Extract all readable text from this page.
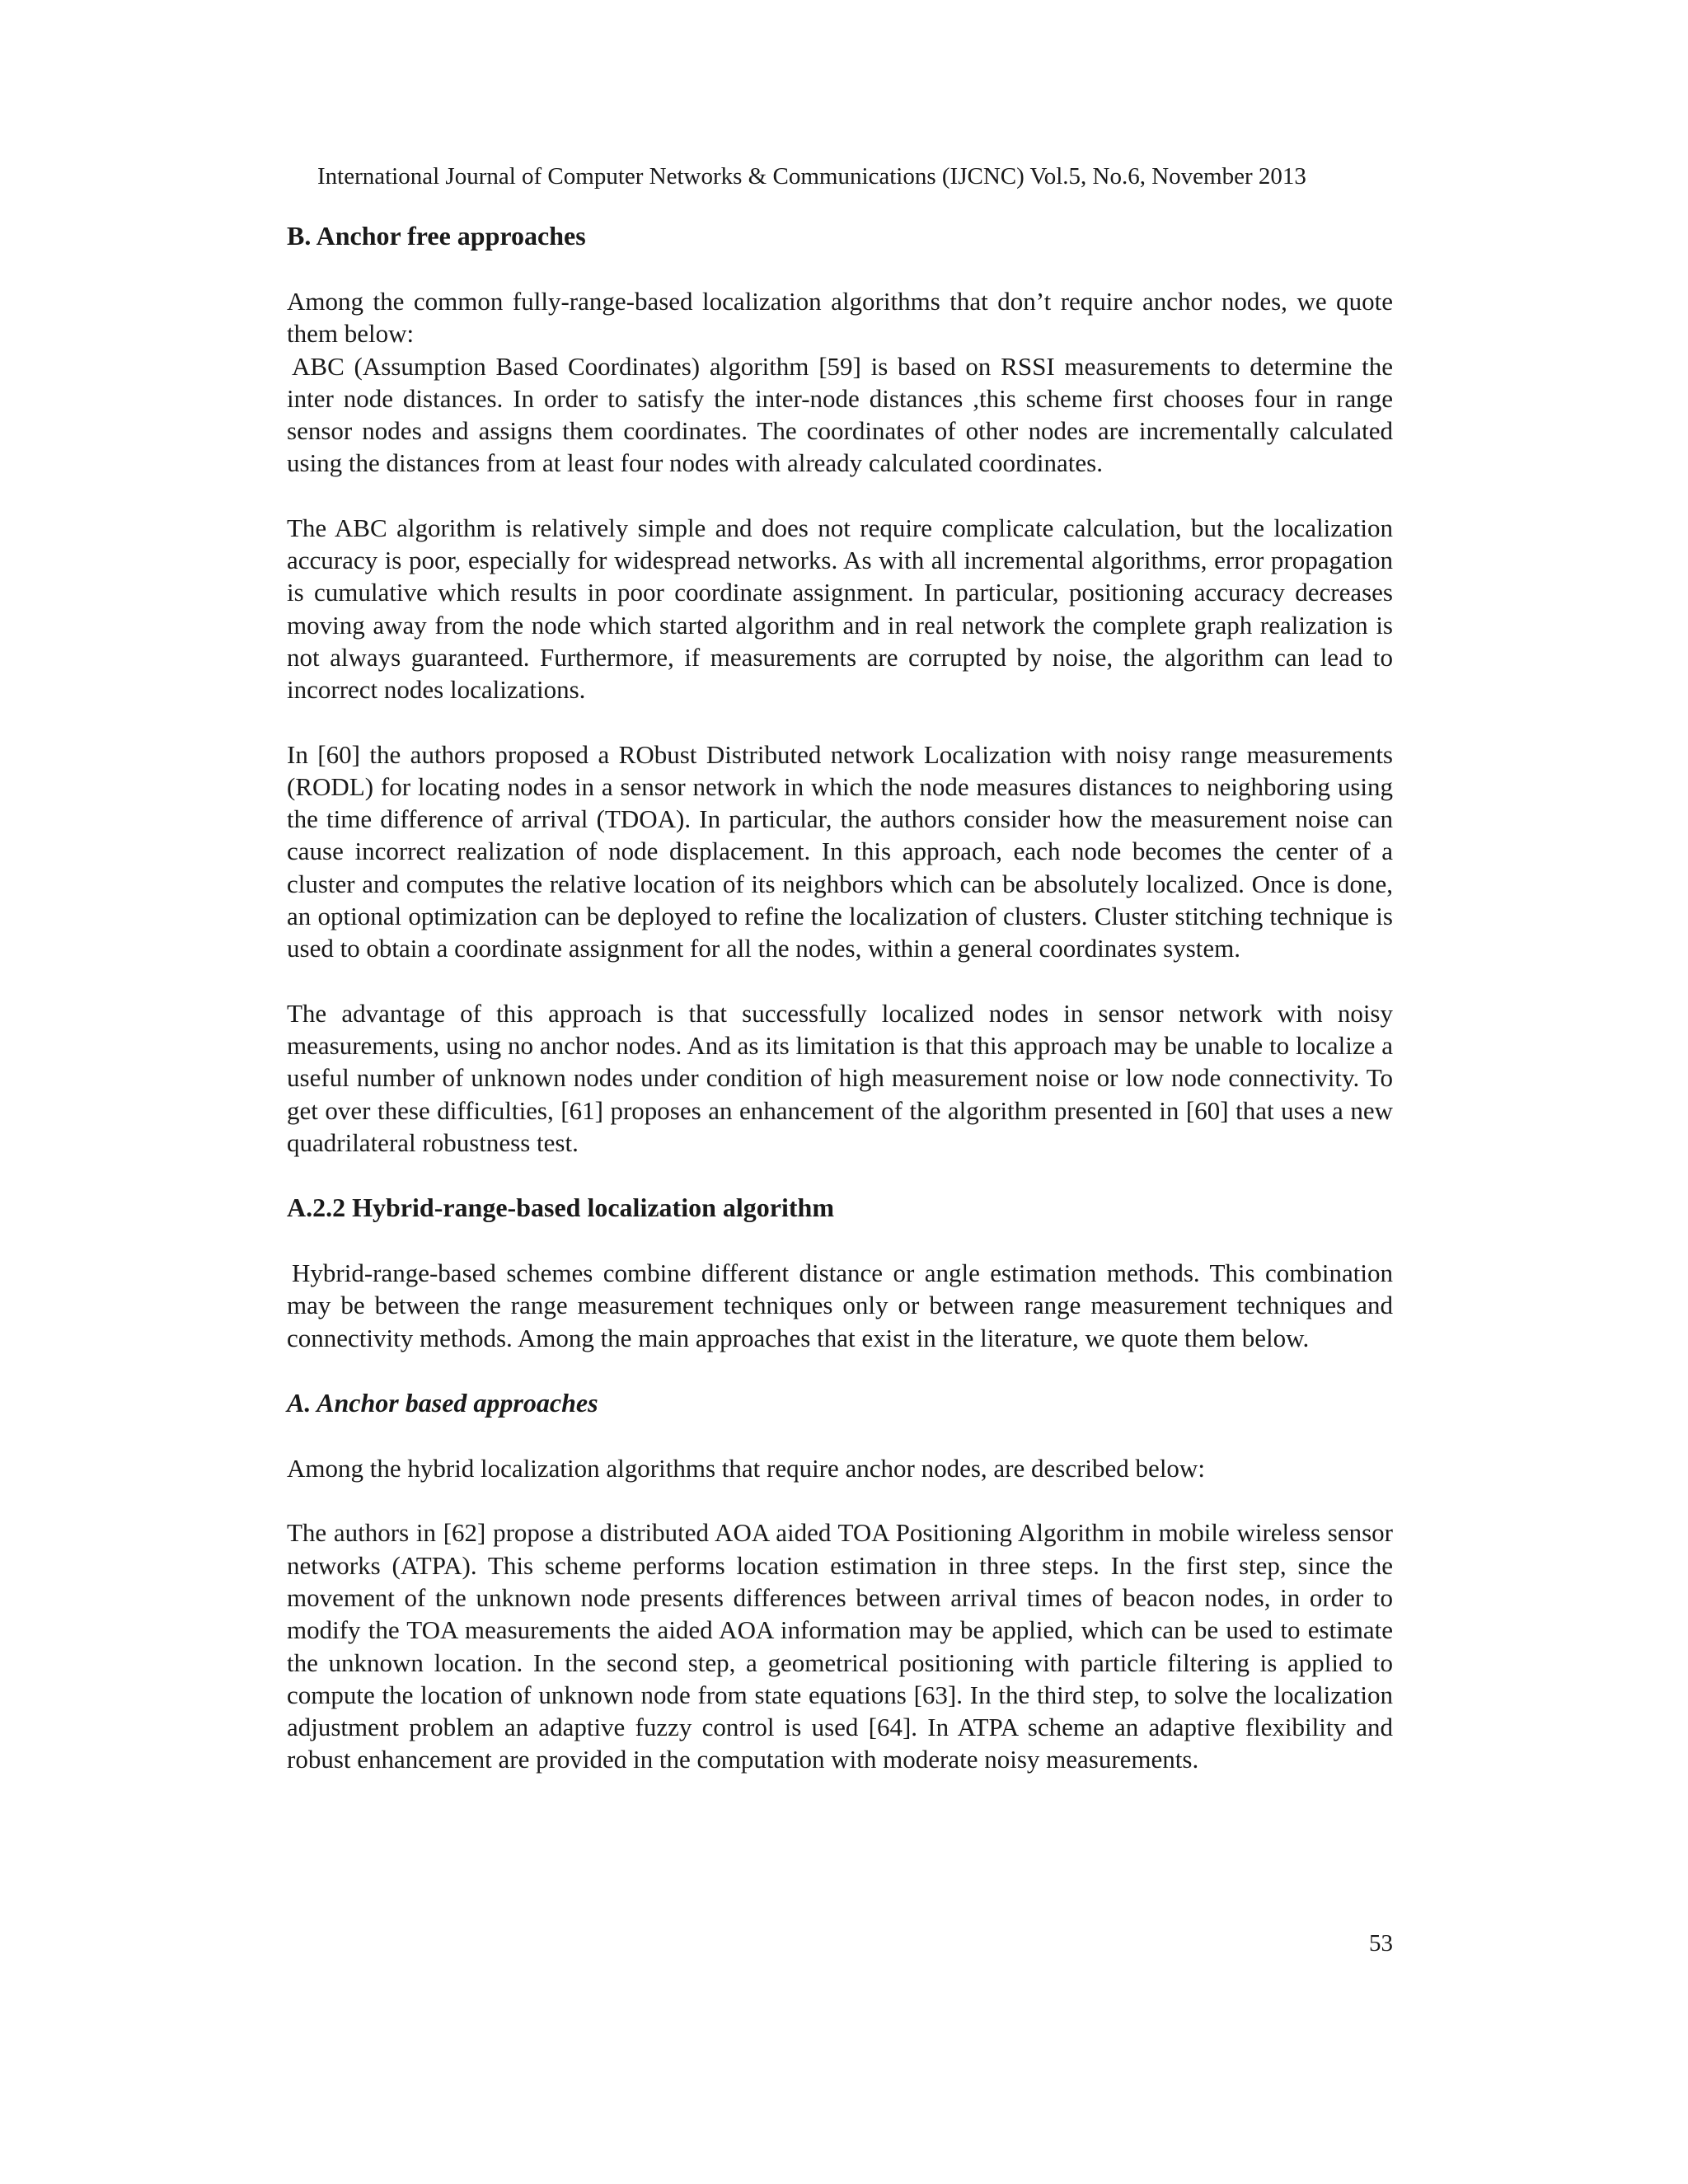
International Journal of Computer Networks & Communications (IJCNC) Vol.5, No.6, November 2013
B. Anchor free approaches

Among the common fully-range-based localization algorithms that don’t require anchor nodes, we quote them below:

ABC (Assumption Based Coordinates) algorithm [59] is based on RSSI measurements to determine the inter node distances. In order to satisfy the inter-node distances ,this scheme first chooses four in range sensor nodes and assigns them coordinates. The coordinates of other nodes are incrementally calculated using the distances from at least four nodes with already calculated coordinates.

The ABC algorithm is relatively simple and does not require complicate calculation, but the localization accuracy is poor, especially for widespread networks. As with all incremental algorithms, error propagation is cumulative which results in poor coordinate assignment. In particular, positioning accuracy decreases moving away from the node which started algorithm and in real network the complete graph realization is not always guaranteed. Furthermore, if measurements are corrupted by noise, the algorithm can lead to incorrect nodes localizations.

In [60] the authors proposed a RObust Distributed network Localization with noisy range measurements (RODL) for locating nodes in a sensor network in which the node measures distances to neighboring using the time difference of arrival (TDOA). In particular, the authors consider how the measurement noise can cause incorrect realization of node displacement. In this approach, each node becomes the center of a cluster and computes the relative location of its neighbors which can be absolutely localized. Once is done, an optional optimization can be deployed to refine the localization of clusters. Cluster stitching technique is used to obtain a coordinate assignment for all the nodes, within a general coordinates system.

The advantage of this approach is that successfully localized nodes in sensor network with noisy measurements, using no anchor nodes. And as its limitation is that this approach may be unable to localize a useful number of unknown nodes under condition of high measurement noise or low node connectivity. To get over these difficulties, [61] proposes an enhancement of the algorithm presented in [60] that uses a new quadrilateral robustness test.

A.2.2 Hybrid-range-based localization algorithm

Hybrid-range-based schemes combine different distance or angle estimation methods. This combination may be between the range measurement techniques only or between range measurement techniques and connectivity methods. Among the main approaches that exist in the literature, we quote them below.

A. Anchor based approaches

Among the hybrid localization algorithms that require anchor nodes, are described below:

The authors in [62] propose a distributed AOA aided TOA Positioning Algorithm in mobile wireless sensor networks (ATPA). This scheme performs location estimation in three steps. In the first step, since the movement of the unknown node presents differences between arrival times of beacon nodes, in order to modify the TOA measurements the aided AOA information may be applied, which can be used to estimate the unknown location. In the second step, a geometrical positioning with particle filtering is applied to compute the location of unknown node from state equations [63]. In the third step, to solve the localization adjustment problem an adaptive fuzzy control is used [64]. In ATPA scheme an adaptive flexibility and robust enhancement are provided in the computation with moderate noisy measurements.

53
